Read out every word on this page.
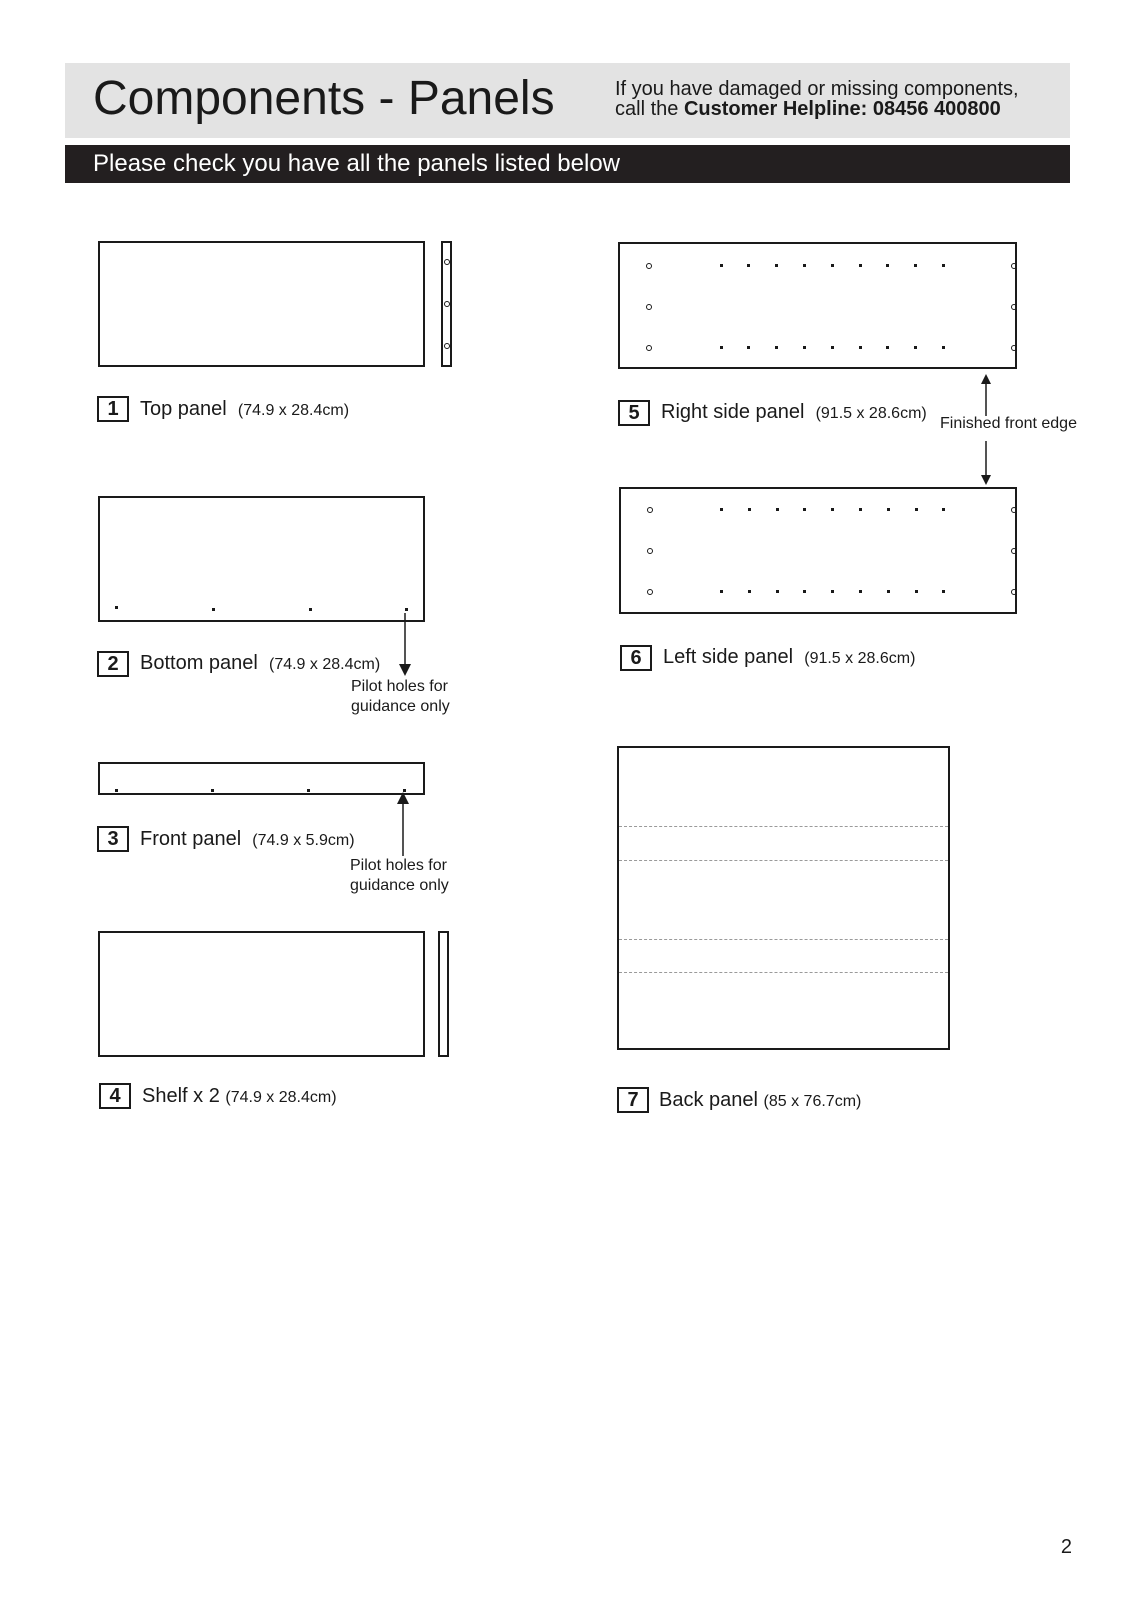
Components - Panels	If you have damaged or missing components,
call the Customer Helpline: 08456 400800
Please check you have all the panels listed below
1	Top panel (74.9 x 28.4cm)
2	Bottom panel (74.9 x 28.4cm)
Pilot holes for
guidance only
3	Front panel (74.9 x 5.9cm)
Pilot holes for
guidance only
4	Shelf x 2 (74.9 x 28.4cm)
5	Right side panel (91.5 x 28.6cm)
Finished front edge
6	Left side panel (91.5 x 28.6cm)
7	Back panel (85 x 76.7cm)
2
